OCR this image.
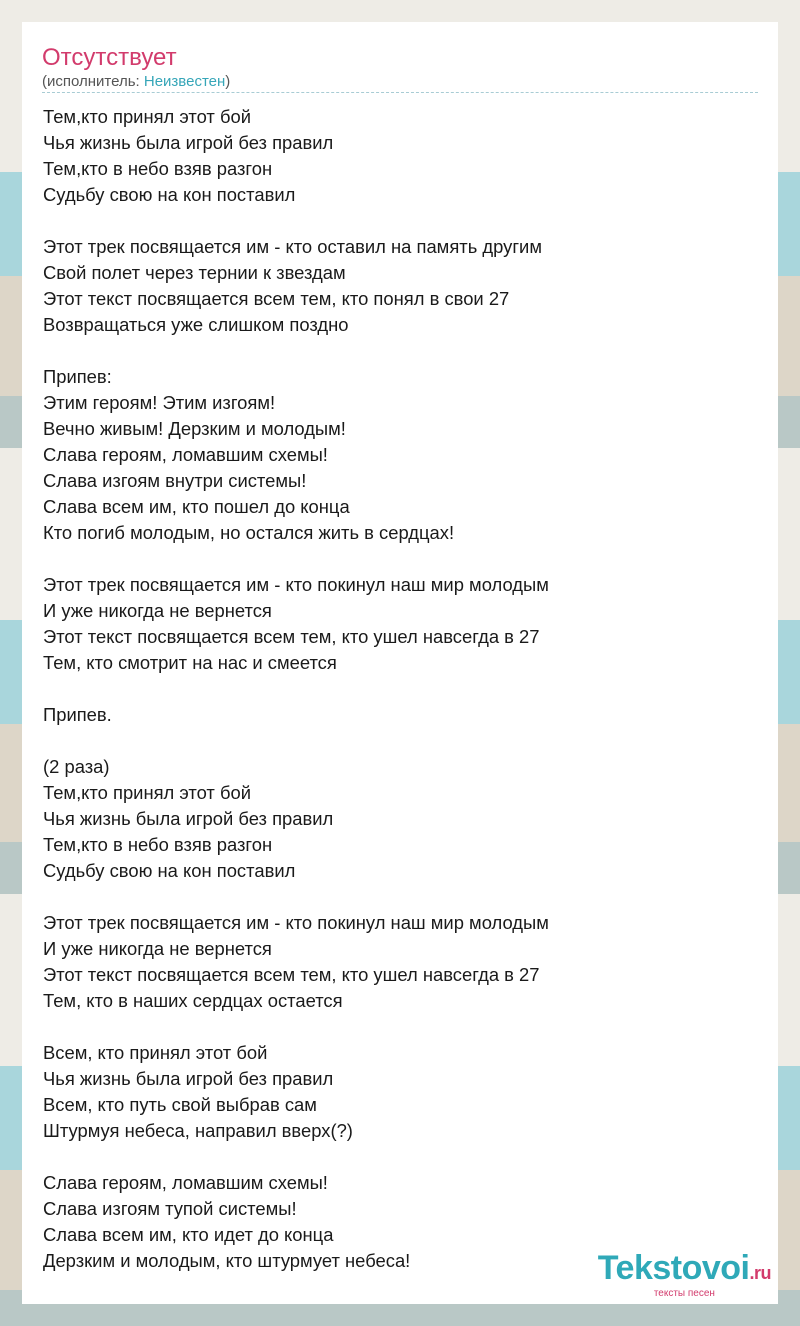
Отсутствует
(исполнитель: Неизвестен)
Тем,кто принял этот бой
Чья жизнь была игрой без правил
Тем,кто в небо взяв разгон
Судьбу свою на кон поставил
Этот трек посвящается им - кто оставил на память другим
Свой полет через тернии к звездам
Этот текст посвящается всем тем, кто понял в свои 27
Возвращаться уже слишком поздно
Припев:
Этим героям! Этим изгоям!
Вечно живым! Дерзким и молодым!
Слава героям, ломавшим схемы!
Слава изгоям внутри системы!
Слава всем им, кто пошел до конца
Кто погиб молодым, но остался жить в сердцах!
Этот трек посвящается им - кто покинул наш мир молодым
И уже никогда не вернется
Этот текст посвящается всем тем, кто ушел навсегда в 27
Тем, кто смотрит на нас и смеется
Припев.
(2 раза)
Тем,кто принял этот бой
Чья жизнь была игрой без правил
Тем,кто в небо взяв разгон
Судьбу свою на кон поставил
Этот трек посвящается им - кто покинул наш мир молодым
И уже никогда не вернется
Этот текст посвящается всем тем, кто ушел навсегда в 27
Тем, кто в наших сердцах остается
Всем, кто принял этот бой
Чья жизнь была игрой без правил
Всем, кто путь свой выбрав сам
Штурмуя небеса, направил вверх(?)
Слава героям, ломавшим схемы!
Слава изгоям тупой системы!
Слава всем им, кто идет до конца
Дерзким и молодым, кто штурмует небеса!	Tekstovoi.ru
тексты песен
